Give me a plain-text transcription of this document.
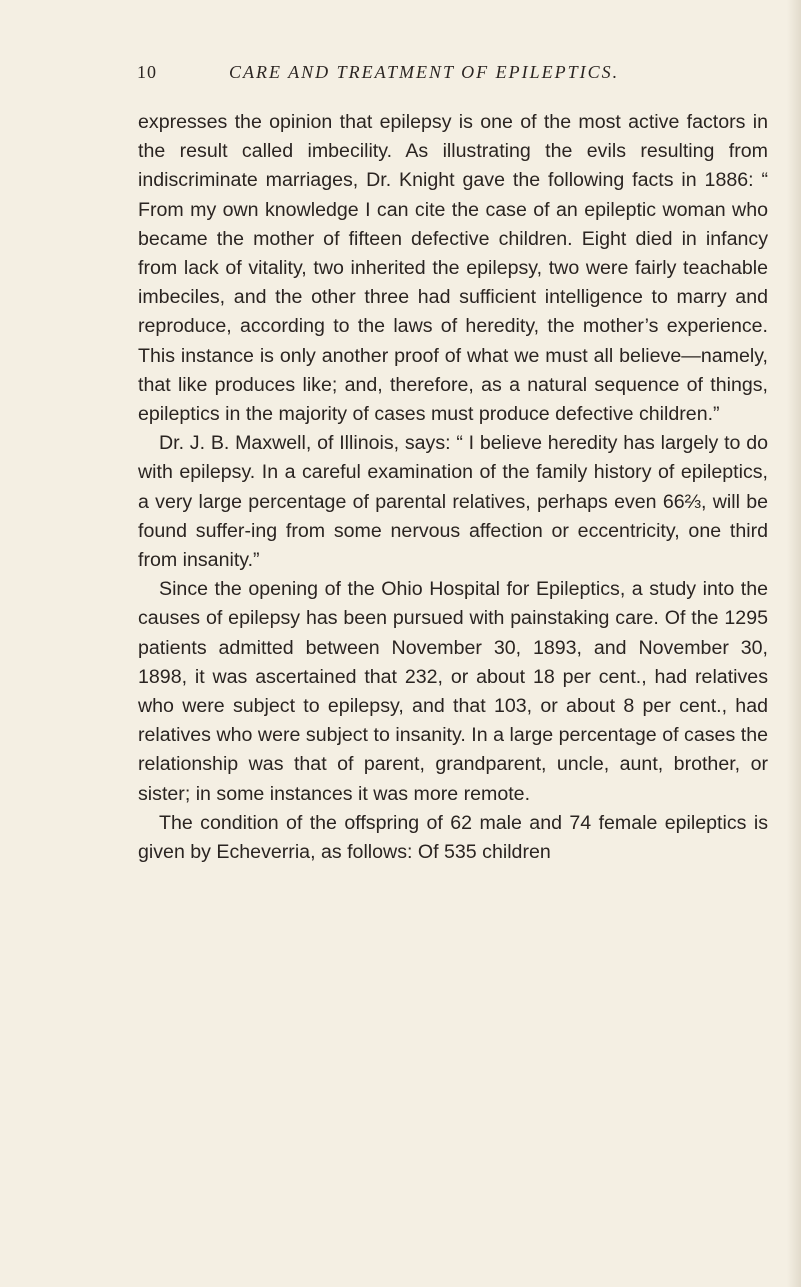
10	CARE AND TREATMENT OF EPILEPTICS.

expresses the opinion that epilepsy is one of the most active factors in the result called imbecility. As illustrating the evils resulting from indiscriminate marriages, Dr. Knight gave the following facts in 1886: “ From my own knowledge I can cite the case of an epileptic woman who became the mother of fifteen defective children. Eight died in infancy from lack of vitality, two inherited the epilepsy, two were fairly teachable imbeciles, and the other three had sufficient intelligence to marry and reproduce, according to the laws of heredity, the mother’s experience. This instance is only another proof of what we must all believe—namely, that like produces like; and, therefore, as a natural sequence of things, epileptics in the majority of cases must produce defective children.”

Dr. J. B. Maxwell, of Illinois, says: “ I believe heredity has largely to do with epilepsy. In a careful examination of the family history of epileptics, a very large percentage of parental relatives, perhaps even 66⅔, will be found suffer-ing from some nervous affection or eccentricity, one third from insanity.”

Since the opening of the Ohio Hospital for Epileptics, a study into the causes of epilepsy has been pursued with painstaking care. Of the 1295 patients admitted between November 30, 1893, and November 30, 1898, it was ascertained that 232, or about 18 per cent., had relatives who were subject to epilepsy, and that 103, or about 8 per cent., had relatives who were subject to insanity. In a large percentage of cases the relationship was that of parent, grandparent, uncle, aunt, brother, or sister; in some instances it was more remote.

The condition of the offspring of 62 male and 74 female epileptics is given by Echeverria, as follows: Of 535 children
